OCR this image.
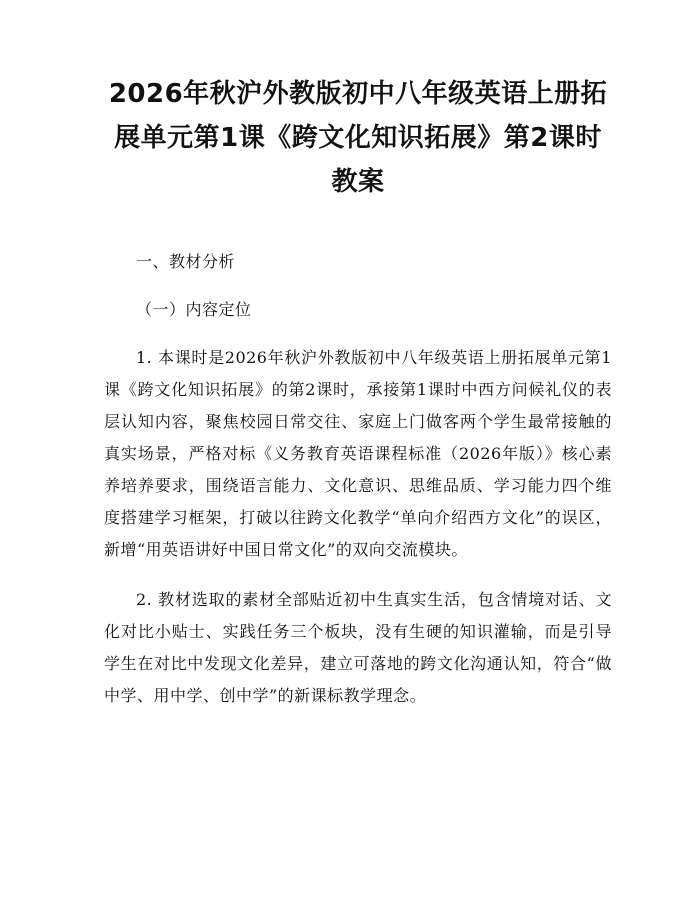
2026年秋沪外教版初中八年级英语上册拓展单元第1课《跨文化知识拓展》第2课时教案

一、教材分析

（一）内容定位

1. 本课时是2026年秋沪外教版初中八年级英语上册拓展单元第1课《跨文化知识拓展》的第2课时，承接第1课时中西方问候礼仪的表层认知内容，聚焦校园日常交往、家庭上门做客两个学生最常接触的真实场景，严格对标《义务教育英语课程标准（2026年版）》核心素养培养要求，围绕语言能力、文化意识、思维品质、学习能力四个维度搭建学习框架，打破以往跨文化教学“单向介绍西方文化”的误区，新增“用英语讲好中国日常文化”的双向交流模块。

2. 教材选取的素材全部贴近初中生真实生活，包含情境对话、文化对比小贴士、实践任务三个板块，没有生硬的知识灌输，而是引导学生在对比中发现文化差异，建立可落地的跨文化沟通认知，符合“做中学、用中学、创中学”的新课标教学理念。
